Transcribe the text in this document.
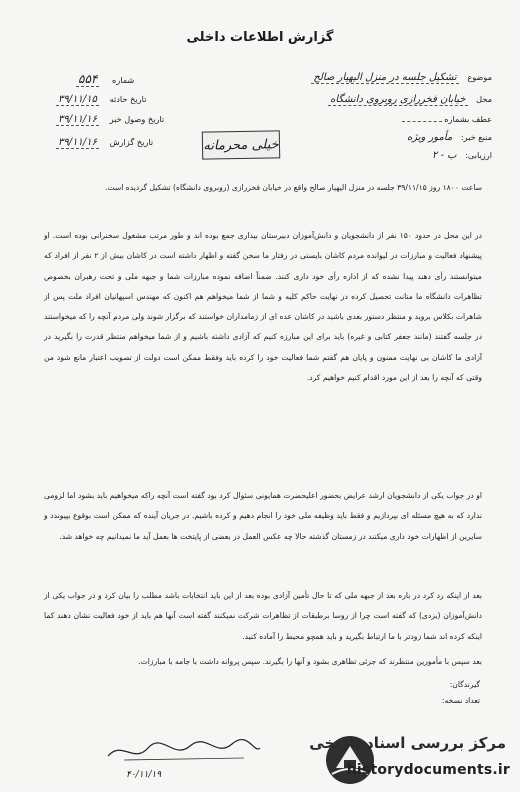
گزارش اطلاعات داخلی
موضوع تشکیل جلسه در منزل الیهیار صالح
محل خیابان فخررازی روبروی دانشگاه
عطف بشماره
منبع خبر: مأمور ویژه
ارزیابی: ب - ۲
شماره ۵۵۴
تاریخ حادثه ۳۹/۱۱/۱۵
تاریخ وصول خبر ۳۹/۱۱/۱۶
تاریخ گزارش ۳۹/۱۱/۱۶	خیلی محرمانه
ساعت ۱۸۰۰ روز ۳۹/۱۱/۱۵ جلسه در منزل الیهیار صالح واقع در خیابان فخررازی (روبروی دانشگاه) تشکیل گردیده است.
در این محل در حدود ۱۵۰ نفر از دانشجویان و دانش‌آموزان دبیرستان بیداری جمع بوده اند و طور مرتب مشغول سخنرانی بوده است. او پیشنهاد فعالیت و مبارزات در لیوانده مردم کاشان بایستی در رفتار ما سخن گفته و اظهار داشته است در کاشان بیش از ۲ نفر از افراد که میتوانستند رأی دهند پیدا نشده که از اداره رأی خود داری کنند. ضمناً اضافه نموده مبارزات شما و جبهه ملی و تحت رهبران بخصوص تظاهرات دانشگاه ما متانت تحصیل کرده در نهایت حاکم کلیه و شما از شما میخواهم هم اکنون که مهندس اسپهانیان افراد ملت پس از شاهرات بکلاس بروید و منتظر دستور بعدی باشید در کاشان عده ای از زمامداران خواستند که برگزار شوند ولی مردم آنچه را که میخواستند در جلسه گفتند (مانند جعفر کتابی و غیره) باید برای این مبارزه کنیم که آزادی داشته باشیم و از شما میخواهم منتظر قدرت را بگیرید در آزادی ما کاشان بی نهایت ممنون و پایان هم گفتم شما فعالیت خود را کرده باید وفقط ممکن است دولت از تصویب اعتبار مانع شود من وقتی که آنچه را بعد از این مورد اقدام کنیم خواهیم کرد.
او در جواب یکی از دانشجویان ارشد عرایض بحضور اعلیحضرت همایونی سئوال کرد بود گفته است آنچه راکه میخواهیم باید بشود اما لزومی ندارد که به هیچ مسئله ای بپردازیم و فقط باید وظیفه ملی خود را انجام دهیم و کرده باشیم. در جریان آینده که ممکن است بوقوع بپیوندد و سایرین از اظهارات خود داری میکنند در زمستان گذشته حالا چه عکس العمل در بعضی از پایتخت ها بعمل آید ما نمیدانیم چه خواهد شد.
بعد از اینکه رد کرد در باره بعد از جبهه ملی که تا حال تأمین آزادی بوده بعد از این باید انتخابات باشد مطلب را بیان کرد و در جواب یکی از دانش‌آموزان (یزدی) که گفته است چرا از روسا برطبقات از تظاهرات شرکت نمیکنند گفته است آنها هم باید از خود فعالیت نشان دهند کما اینکه کرده اند شما زودتر با ما ارتباط بگیرید و باید همچو محیط را آماده کنید.
بعد سپس با مأمورین منتظرند که جزئی تظاهری بشود و آنها را بگیرند. سپس پروانه داشت با جامه با مبارزات.
گیرندگان:
تعداد نسخه:
۴۰/۱۱/۱۹
مرکز بررسی اسناد تاریخی
historydocuments.ir
